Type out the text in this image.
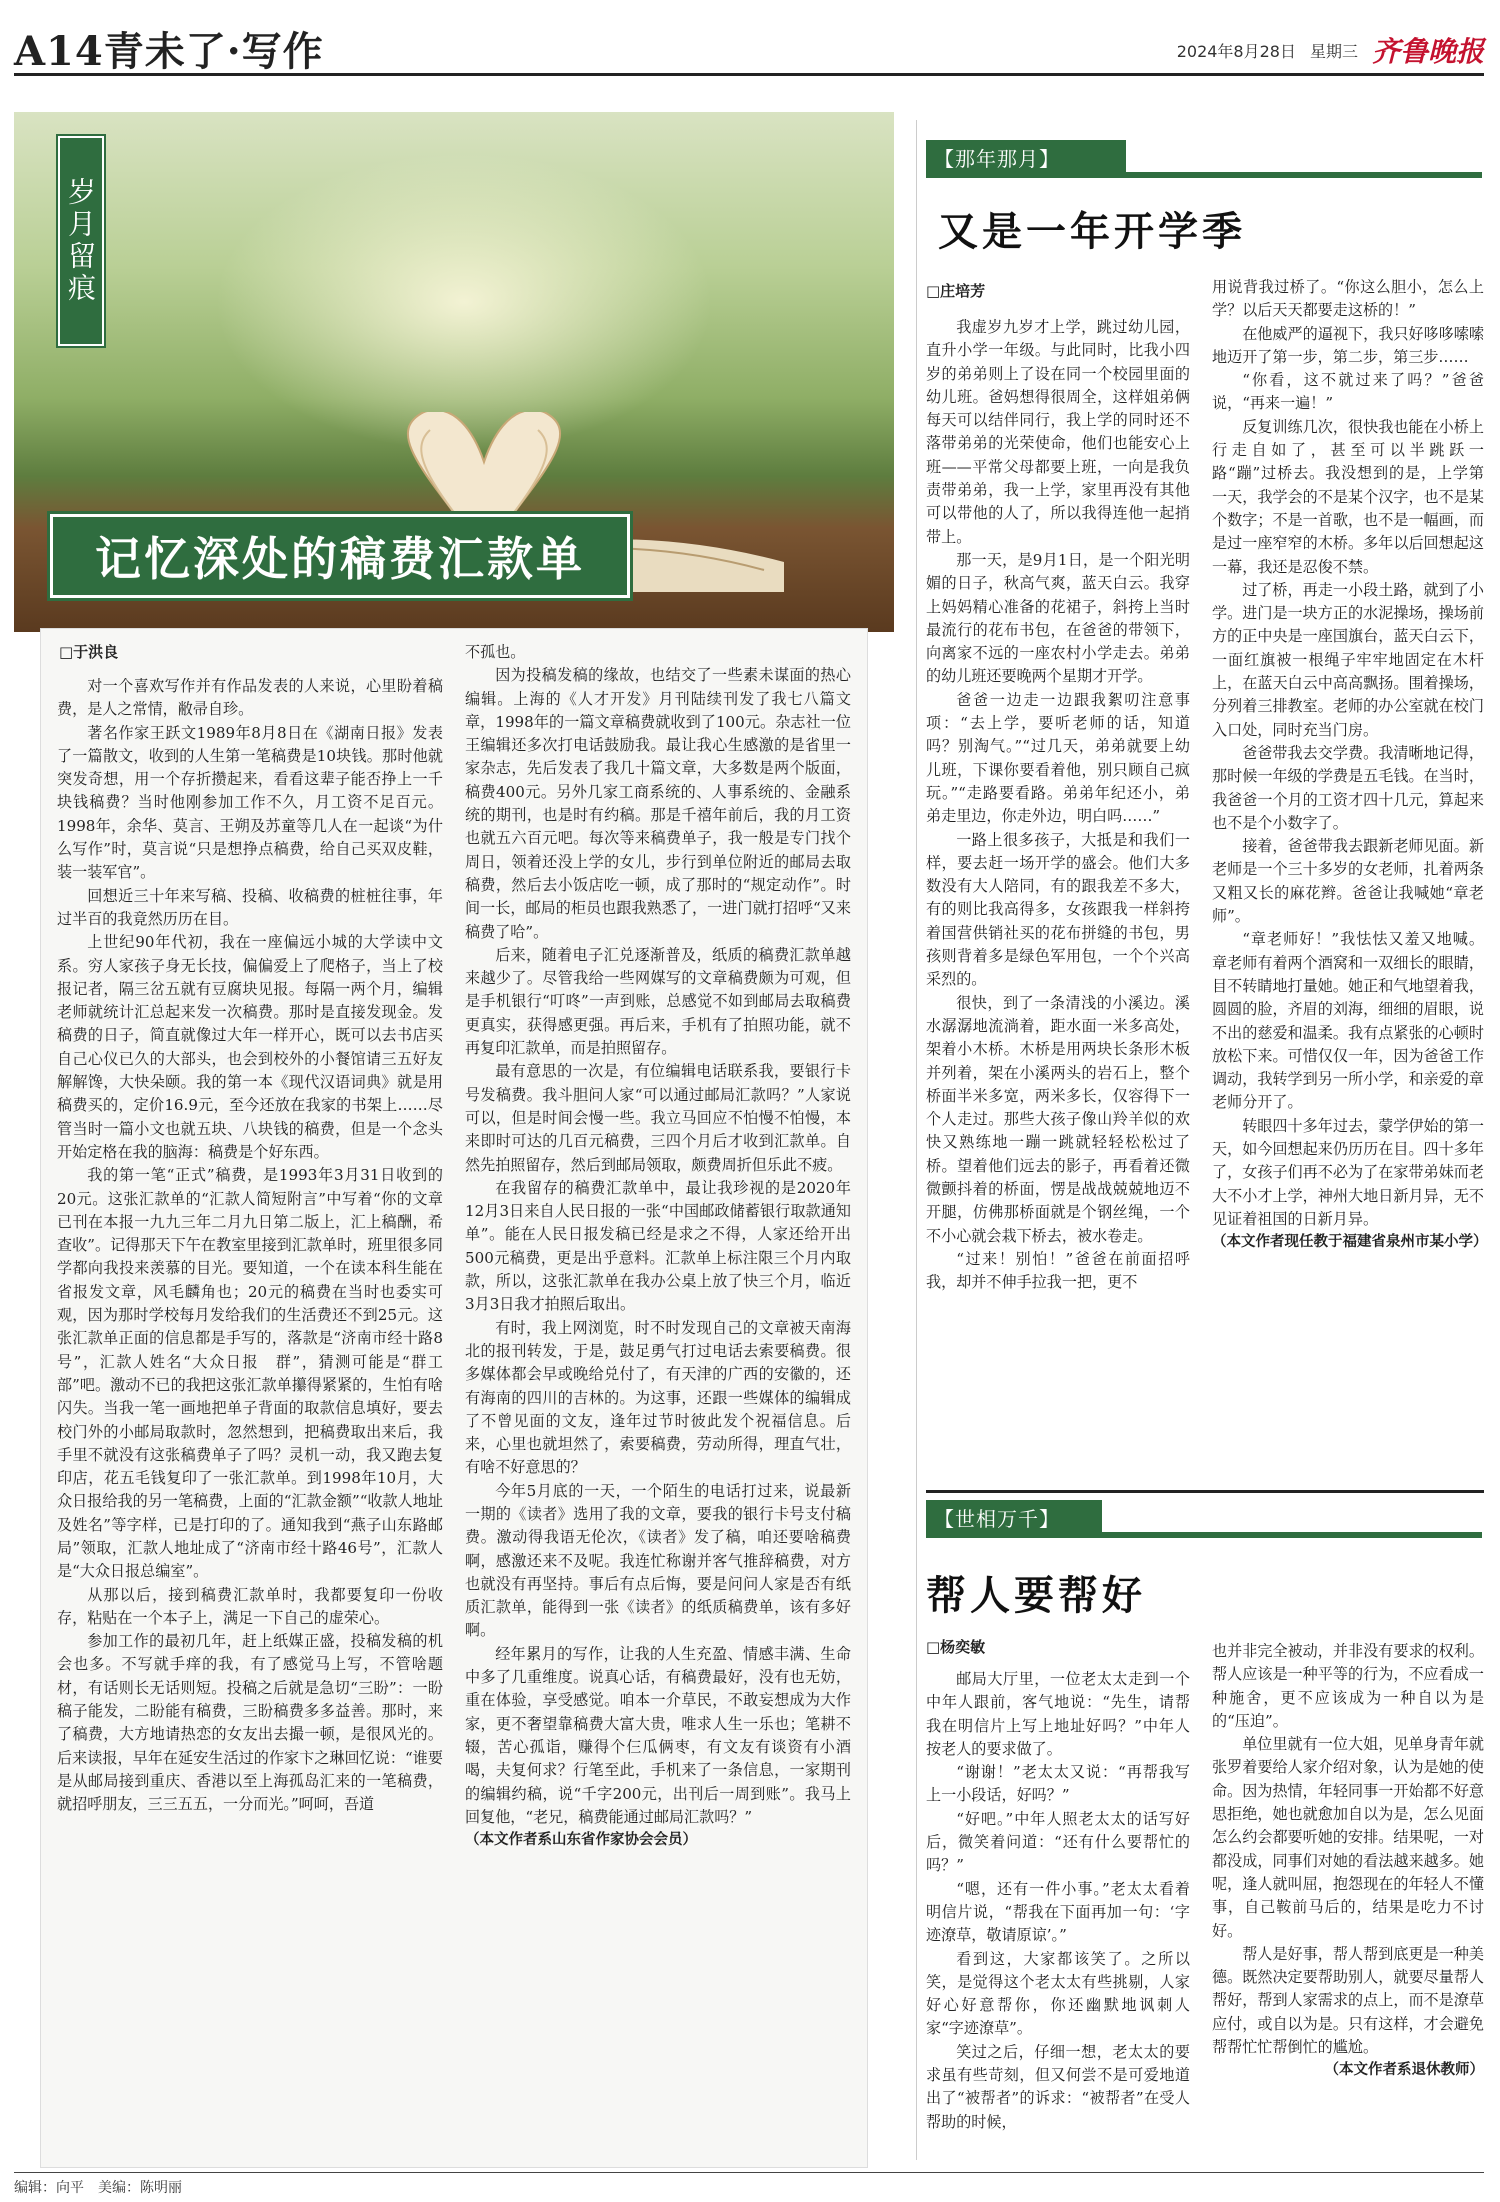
A14青未了·写作	2024年8月28日 星期三 齐鲁晚报
岁月留痕
记忆深处的稿费汇款单
□于洪良

对一个喜欢写作并有作品发表的人来说，心里盼着稿费，是人之常情，敝帚自珍。

著名作家王跃文1989年8月8日在《湖南日报》发表了一篇散文，收到的人生第一笔稿费是10块钱。那时他就突发奇想，用一个存折攒起来，看看这辈子能否挣上一千块钱稿费？当时他刚参加工作不久，月工资不足百元。1998年，余华、莫言、王朔及苏童等几人在一起谈“为什么写作”时，莫言说“只是想挣点稿费，给自己买双皮鞋，装一装军官”。

回想近三十年来写稿、投稿、收稿费的桩桩往事，年过半百的我竟然历历在目。

上世纪90年代初，我在一座偏远小城的大学读中文系。穷人家孩子身无长技，偏偏爱上了爬格子，当上了校报记者，隔三岔五就有豆腐块见报。每隔一两个月，编辑老师就统计汇总起来发一次稿费。那时是直接发现金。发稿费的日子，简直就像过大年一样开心，既可以去书店买自己心仪已久的大部头，也会到校外的小餐馆请三五好友解解馋，大快朵颐。我的第一本《现代汉语词典》就是用稿费买的，定价16.9元，至今还放在我家的书架上……尽管当时一篇小文也就五块、八块钱的稿费，但是一个念头开始定格在我的脑海：稿费是个好东西。

我的第一笔“正式”稿费，是1993年3月31日收到的20元。这张汇款单的“汇款人简短附言”中写着“你的文章已刊在本报一九九三年二月九日第二版上，汇上稿酬，希查收”。记得那天下午在教室里接到汇款单时，班里很多同学都向我投来羡慕的目光。要知道，一个在读本科生能在省报发文章，风毛麟角也；20元的稿费在当时也委实可观，因为那时学校每月发给我们的生活费还不到25元。这张汇款单正面的信息都是手写的，落款是“济南市经十路8号”，汇款人姓名“大众日报　群”，猜测可能是“群工部”吧。激动不已的我把这张汇款单攥得紧紧的，生怕有啥闪失。当我一笔一画地把单子背面的取款信息填好，要去校门外的小邮局取款时，忽然想到，把稿费取出来后，我手里不就没有这张稿费单子了吗？灵机一动，我又跑去复印店，花五毛钱复印了一张汇款单。到1998年10月，大众日报给我的另一笔稿费，上面的“汇款金额”“收款人地址及姓名”等字样，已是打印的了。通知我到“燕子山东路邮局”领取，汇款人地址成了“济南市经十路46号”，汇款人是“大众日报总编室”。

从那以后，接到稿费汇款单时，我都要复印一份收存，粘贴在一个本子上，满足一下自己的虚荣心。

参加工作的最初几年，赶上纸媒正盛，投稿发稿的机会也多。不写就手痒的我，有了感觉马上写，不管啥题材，有话则长无话则短。投稿之后就是急切“三盼”：一盼稿子能发，二盼能有稿费，三盼稿费多多益善。那时，来了稿费，大方地请热恋的女友出去撮一顿，是很风光的。后来读报，早年在延安生活过的作家卞之琳回忆说：“谁要是从邮局接到重庆、香港以至上海孤岛汇来的一笔稿费，就招呼朋友，三三五五，一分而光。”呵呵，吾道

不孤也。

因为投稿发稿的缘故，也结交了一些素未谋面的热心编辑。上海的《人才开发》月刊陆续刊发了我七八篇文章，1998年的一篇文章稿费就收到了100元。杂志社一位王编辑还多次打电话鼓励我。最让我心生感激的是省里一家杂志，先后发表了我几十篇文章，大多数是两个版面，稿费400元。另外几家工商系统的、人事系统的、金融系统的期刊，也是时有约稿。那是千禧年前后，我的月工资也就五六百元吧。每次等来稿费单子，我一般是专门找个周日，领着还没上学的女儿，步行到单位附近的邮局去取稿费，然后去小饭店吃一顿，成了那时的“规定动作”。时间一长，邮局的柜员也跟我熟悉了，一进门就打招呼“又来稿费了哈”。

后来，随着电子汇兑逐渐普及，纸质的稿费汇款单越来越少了。尽管我给一些网媒写的文章稿费颇为可观，但是手机银行“叮咚”一声到账，总感觉不如到邮局去取稿费更真实，获得感更强。再后来，手机有了拍照功能，就不再复印汇款单，而是拍照留存。

最有意思的一次是，有位编辑电话联系我，要银行卡号发稿费。我斗胆问人家“可以通过邮局汇款吗？”人家说可以，但是时间会慢一些。我立马回应不怕慢不怕慢，本来即时可达的几百元稿费，三四个月后才收到汇款单。自然先拍照留存，然后到邮局领取，颇费周折但乐此不疲。

在我留存的稿费汇款单中，最让我珍视的是2020年12月3日来自人民日报的一张“中国邮政储蓄银行取款通知单”。能在人民日报发稿已经是求之不得，人家还给开出500元稿费，更是出乎意料。汇款单上标注限三个月内取款，所以，这张汇款单在我办公桌上放了快三个月，临近3月3日我才拍照后取出。

有时，我上网浏览，时不时发现自己的文章被天南海北的报刊转发，于是，鼓足勇气打过电话去索要稿费。很多媒体都会早或晚给兑付了，有天津的广西的安徽的，还有海南的四川的吉林的。为这事，还跟一些媒体的编辑成了不曾见面的文友，逢年过节时彼此发个祝福信息。后来，心里也就坦然了，索要稿费，劳动所得，理直气壮，有啥不好意思的？

今年5月底的一天，一个陌生的电话打过来，说最新一期的《读者》选用了我的文章，要我的银行卡号支付稿费。激动得我语无伦次，《读者》发了稿，咱还要啥稿费啊，感激还来不及呢。我连忙称谢并客气推辞稿费，对方也就没有再坚持。事后有点后悔，要是问问人家是否有纸质汇款单，能得到一张《读者》的纸质稿费单，该有多好啊。

经年累月的写作，让我的人生充盈、情感丰满、生命中多了几重维度。说真心话，有稿费最好，没有也无妨，重在体验，享受感觉。咱本一介草民，不敢妄想成为大作家，更不奢望靠稿费大富大贵，唯求人生一乐也；笔耕不辍，苦心孤诣，赚得个仨瓜俩枣，有文友有谈资有小酒喝，夫复何求？行笔至此，手机来了一条信息，一家期刊的编辑约稿，说“千字200元，出刊后一周到账”。我马上回复他，“老兄，稿费能通过邮局汇款吗？”

（本文作者系山东省作家协会会员）

【那年那月】
又是一年开学季
□庄培芳

我虚岁九岁才上学，跳过幼儿园，直升小学一年级。与此同时，比我小四岁的弟弟则上了设在同一个校园里面的幼儿班。爸妈想得很周全，这样姐弟俩每天可以结伴同行，我上学的同时还不落带弟弟的光荣使命，他们也能安心上班——平常父母都要上班，一向是我负责带弟弟，我一上学，家里再没有其他可以带他的人了，所以我得连他一起捎带上。

那一天，是9月1日，是一个阳光明媚的日子，秋高气爽，蓝天白云。我穿上妈妈精心准备的花裙子，斜挎上当时最流行的花布书包，在爸爸的带领下，向离家不远的一座农村小学走去。弟弟的幼儿班还要晚两个星期才开学。

爸爸一边走一边跟我絮叨注意事项：“去上学，要听老师的话，知道吗？别淘气。”“过几天，弟弟就要上幼儿班，下课你要看着他，别只顾自己疯玩。”“走路要看路。弟弟年纪还小，弟弟走里边，你走外边，明白吗……”

一路上很多孩子，大抵是和我们一样，要去赶一场开学的盛会。他们大多数没有大人陪同，有的跟我差不多大，有的则比我高得多，女孩跟我一样斜挎着国营供销社买的花布拼缝的书包，男孩则背着多是绿色军用包，一个个兴高采烈的。

很快，到了一条清浅的小溪边。溪水潺潺地流淌着，距水面一米多高处，架着小木桥。木桥是用两块长条形木板并列着，架在小溪两头的岩石上，整个桥面半米多宽，两米多长，仅容得下一个人走过。那些大孩子像山羚羊似的欢快又熟练地一蹦一跳就轻轻松松过了桥。望着他们远去的影子，再看着还微微颤抖着的桥面，愣是战战兢兢地迈不开腿，仿佛那桥面就是个钢丝绳，一个不小心就会栽下桥去，被水卷走。

“过来！别怕！”爸爸在前面招呼我，却并不伸手拉我一把，更不

用说背我过桥了。“你这么胆小，怎么上学？以后天天都要走这桥的！”

在他威严的逼视下，我只好哆哆嗦嗦地迈开了第一步，第二步，第三步……

“你看，这不就过来了吗？”爸爸说，“再来一遍！”

反复训练几次，很快我也能在小桥上行走自如了，甚至可以半跳跃一路“蹦”过桥去。我没想到的是，上学第一天，我学会的不是某个汉字，也不是某个数字；不是一首歌，也不是一幅画，而是过一座窄窄的木桥。多年以后回想起这一幕，我还是忍俊不禁。

过了桥，再走一小段土路，就到了小学。进门是一块方正的水泥操场，操场前方的正中央是一座国旗台，蓝天白云下，一面红旗被一根绳子牢牢地固定在木杆上，在蓝天白云中高高飘扬。围着操场，分列着三排教室。老师的办公室就在校门入口处，同时充当门房。

爸爸带我去交学费。我清晰地记得，那时候一年级的学费是五毛钱。在当时，我爸爸一个月的工资才四十几元，算起来也不是个小数字了。

接着，爸爸带我去跟新老师见面。新老师是一个三十多岁的女老师，扎着两条又粗又长的麻花辫。爸爸让我喊她“章老师”。

“章老师好！”我怯怯又羞又地喊。章老师有着两个酒窝和一双细长的眼睛，目不转睛地打量她。她正和气地望着我，圆圆的脸，齐眉的刘海，细细的眉眼，说不出的慈爱和温柔。我有点紧张的心顿时放松下来。可惜仅仅一年，因为爸爸工作调动，我转学到另一所小学，和亲爱的章老师分开了。

转眼四十多年过去，蒙学伊始的第一天，如今回想起来仍历历在目。四十多年了，女孩子们再不必为了在家带弟妹而老大不小才上学，神州大地日新月异，无不见证着祖国的日新月异。

（本文作者现任教于福建省泉州市某小学）

【世相万千】
帮人要帮好
□杨奕敏

邮局大厅里，一位老太太走到一个中年人跟前，客气地说：“先生，请帮我在明信片上写上地址好吗？”中年人按老人的要求做了。

“谢谢！”老太太又说：“再帮我写上一小段话，好吗？”

“好吧。”中年人照老太太的话写好后，微笑着问道：“还有什么要帮忙的吗？”

“嗯，还有一件小事。”老太太看着明信片说，“帮我在下面再加一句：‘字迹潦草，敬请原谅’。”

看到这，大家都该笑了。之所以笑，是觉得这个老太太有些挑剔，人家好心好意帮你，你还幽默地讽刺人家“字迹潦草”。

笑过之后，仔细一想，老太太的要求虽有些苛刻，但又何尝不是可爱地道出了“被帮者”的诉求：“被帮者”在受人帮助的时候，

也并非完全被动，并非没有要求的权利。帮人应该是一种平等的行为，不应看成一种施舍，更不应该成为一种自以为是的“压迫”。

单位里就有一位大姐，见单身青年就张罗着要给人家介绍对象，认为是她的使命。因为热情，年轻同事一开始都不好意思拒绝，她也就愈加自以为是，怎么见面怎么约会都要听她的安排。结果呢，一对都没成，同事们对她的看法越来越多。她呢，逢人就叫屈，抱怨现在的年轻人不懂事，自己鞍前马后的，结果是吃力不讨好。

帮人是好事，帮人帮到底更是一种美德。既然决定要帮助别人，就要尽量帮人帮好，帮到人家需求的点上，而不是潦草应付，或自以为是。只有这样，才会避免帮帮忙忙帮倒忙的尴尬。

（本文作者系退休教师）

编辑：向平　美编：陈明丽
